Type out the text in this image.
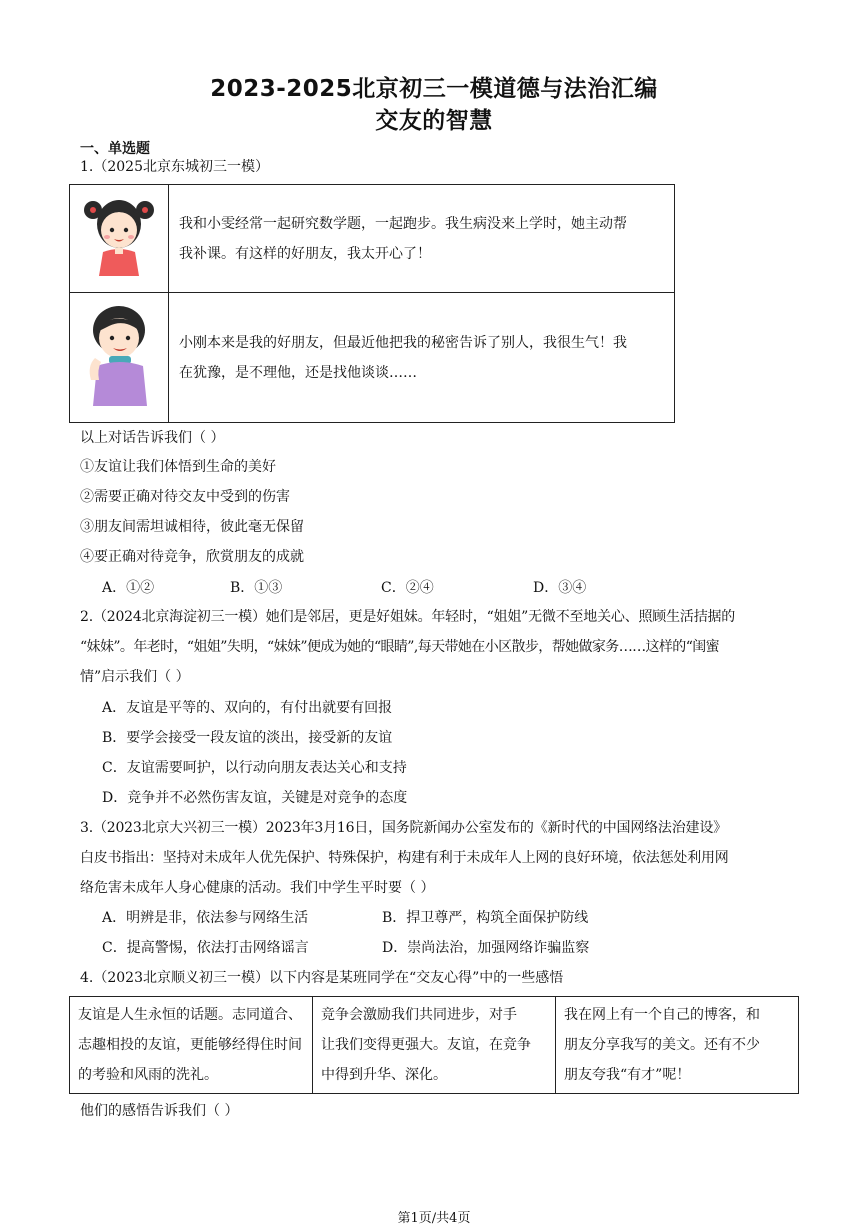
2023-2025北京初三一模道德与法治汇编
交友的智慧
一、单选题
1.（2025北京东城初三一模）

我和小雯经常一起研究数学题，一起跑步。我生病没来上学时，她主动帮
我补课。有这样的好朋友，我太开心了！

小刚本来是我的好朋友，但最近他把我的秘密告诉了别人，我很生气！我
在犹豫，是不理他，还是找他谈谈……
以上对话告诉我们（ ）
①友谊让我们体悟到生命的美好
②需要正确对待交友中受到的伤害
③朋友间需坦诚相待，彼此毫无保留
④要正确对待竞争，欣赏朋友的成就
A．①②	B．①③	C．②④	D．③④
2.（2024北京海淀初三一模）她们是邻居，更是好姐妹。年轻时，“姐姐”无微不至地关心、照顾生活拮据的
“妹妹”。年老时，“姐姐”失明，“妹妹”便成为她的“眼睛”,每天带她在小区散步，帮她做家务……这样的“闺蜜
情”启示我们（ ）
A．友谊是平等的、双向的，有付出就要有回报
B．要学会接受一段友谊的淡出，接受新的友谊
C．友谊需要呵护，以行动向朋友表达关心和支持
D．竞争并不必然伤害友谊，关键是对竞争的态度
3.（2023北京大兴初三一模）2023年3月16日，国务院新闻办公室发布的《新时代的中国网络法治建设》
白皮书指出：坚持对未成年人优先保护、特殊保护，构建有利于未成年人上网的良好环境，依法惩处利用网
络危害未成年人身心健康的活动。我们中学生平时要（ ）
A．明辨是非，依法参与网络生活	B．捍卫尊严，构筑全面保护防线
C．提高警惕，依法打击网络谣言	D．崇尚法治，加强网络诈骗监察
4.（2023北京顺义初三一模）以下内容是某班同学在“交友心得”中的一些感悟
友谊是人生永恒的话题。志同道合、
志趣相投的友谊，更能够经得住时间
的考验和风雨的洗礼。

竞争会激励我们共同进步，对手
让我们变得更强大。友谊，在竞争
中得到升华、深化。

我在网上有一个自己的博客，和
朋友分享我写的美文。还有不少
朋友夸我“有才”呢！
他们的感悟告诉我们（ ）
第1页/共4页
